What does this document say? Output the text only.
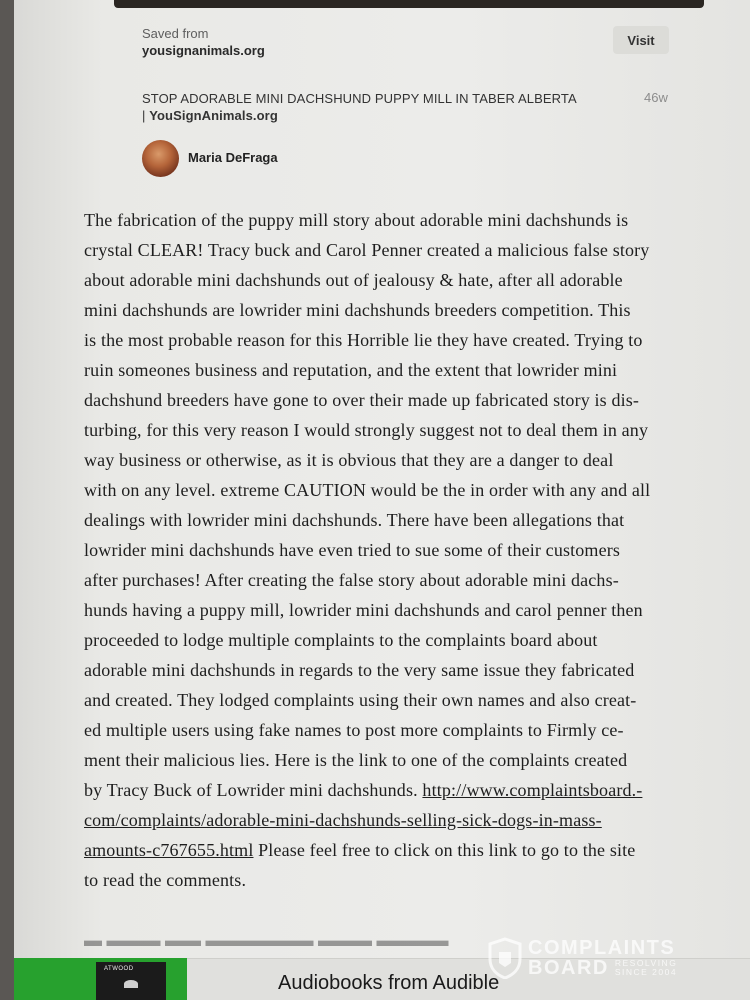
Saved from
yousignanimals.org
Visit
STOP ADORABLE MINI DACHSHUND PUPPY MILL IN TABER ALBERTA | YouSignAnimals.org
46w
Maria DeFraga
The fabrication of the puppy mill story about adorable mini dachshunds is
crystal CLEAR! Tracy buck and Carol Penner created a malicious false story
about adorable mini dachshunds out of jealousy & hate, after all adorable
mini dachshunds are lowrider mini dachshunds breeders competition. This
is the most probable reason for this Horrible lie they have created. Trying to
ruin someones business and reputation, and the extent that lowrider mini
dachshund breeders have gone to over their made up fabricated story is dis-
turbing, for this very reason I would strongly suggest not to deal them in any
way business or otherwise, as it is obvious that they are a danger to deal
with on any level. extreme CAUTION would be the in order with any and all
dealings with lowrider mini dachshunds. There have been allegations that
lowrider mini dachshunds have even tried to sue some of their customers
after purchases! After creating the false story about adorable mini dachs-
hunds having a puppy mill, lowrider mini dachshunds and carol penner then
proceeded to lodge multiple complaints to the complaints board about
adorable mini dachshunds in regards to the very same issue they fabricated
and created. They lodged complaints using their own names and also creat-
ed multiple users using fake names to post more complaints to Firmly ce-
ment their malicious lies. Here is the link to one of the complaints created
by Tracy Buck of Lowrider mini dachshunds. http://www.complaintsboard.-
com/complaints/adorable-mini-dachshunds-selling-sick-dogs-in-mass-
amounts-c767655.html Please feel free to click on this link to go to the site
to read the comments.
▬ ▬▬▬ ▬▬ ▬▬▬▬▬▬ ▬▬▬ ▬▬▬▬
ATWOOD
Audiobooks from Audible
COMPLAINTS
BOARD RESOLVING
SINCE 2004
